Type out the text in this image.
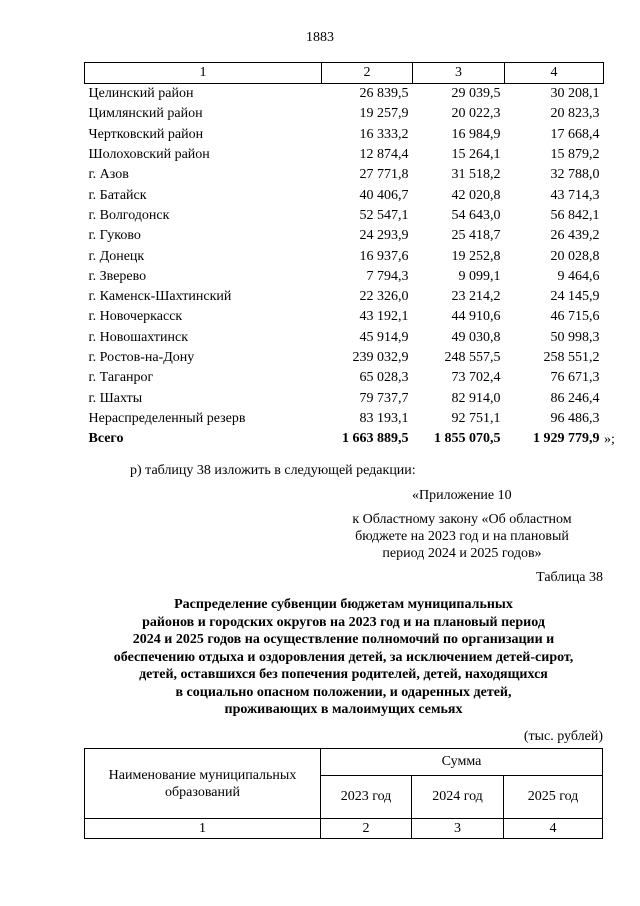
1883
1	2	3	4
Целинский район	26 839,5	29 039,5	30 208,1
Цимлянский район	19 257,9	20 022,3	20 823,3
Чертковский район	16 333,2	16 984,9	17 668,4
Шолоховский район	12 874,4	15 264,1	15 879,2
г. Азов	27 771,8	31 518,2	32 788,0
г. Батайск	40 406,7	42 020,8	43 714,3
г. Волгодонск	52 547,1	54 643,0	56 842,1
г. Гуково	24 293,9	25 418,7	26 439,2
г. Донецк	16 937,6	19 252,8	20 028,8
г. Зверево	7 794,3	9 099,1	9 464,6
г. Каменск-Шахтинский	22 326,0	23 214,2	24 145,9
г. Новочеркасск	43 192,1	44 910,6	46 715,6
г. Новошахтинск	45 914,9	49 030,8	50 998,3
г. Ростов-на-Дону	239 032,9	248 557,5	258 551,2
г. Таганрог	65 028,3	73 702,4	76 671,3
г. Шахты	79 737,7	82 914,0	86 246,4
Нераспределенный резерв	83 193,1	92 751,1	96 486,3
Всего	1 663 889,5	1 855 070,5	1 929 779,9 »;
р) таблицу 38 изложить в следующей редакции:
«Приложение 10
к Областному закону «Об областном
бюджете на 2023 год и на плановый
период 2024 и 2025 годов»
Таблица 38
Распределение субвенции бюджетам муниципальных
районов и городских округов на 2023 год и на плановый период
2024 и 2025 годов на осуществление полномочий по организации и
обеспечению отдыха и оздоровления детей, за исключением детей-сирот,
детей, оставшихся без попечения родителей, детей, находящихся
в социально опасном положении, и одаренных детей,
проживающих в малоимущих семьях
(тыс. рублей)
Наименование муниципальных
образований	Сумма		
	2023 год	2024 год	2025 год
1	2	3	4
